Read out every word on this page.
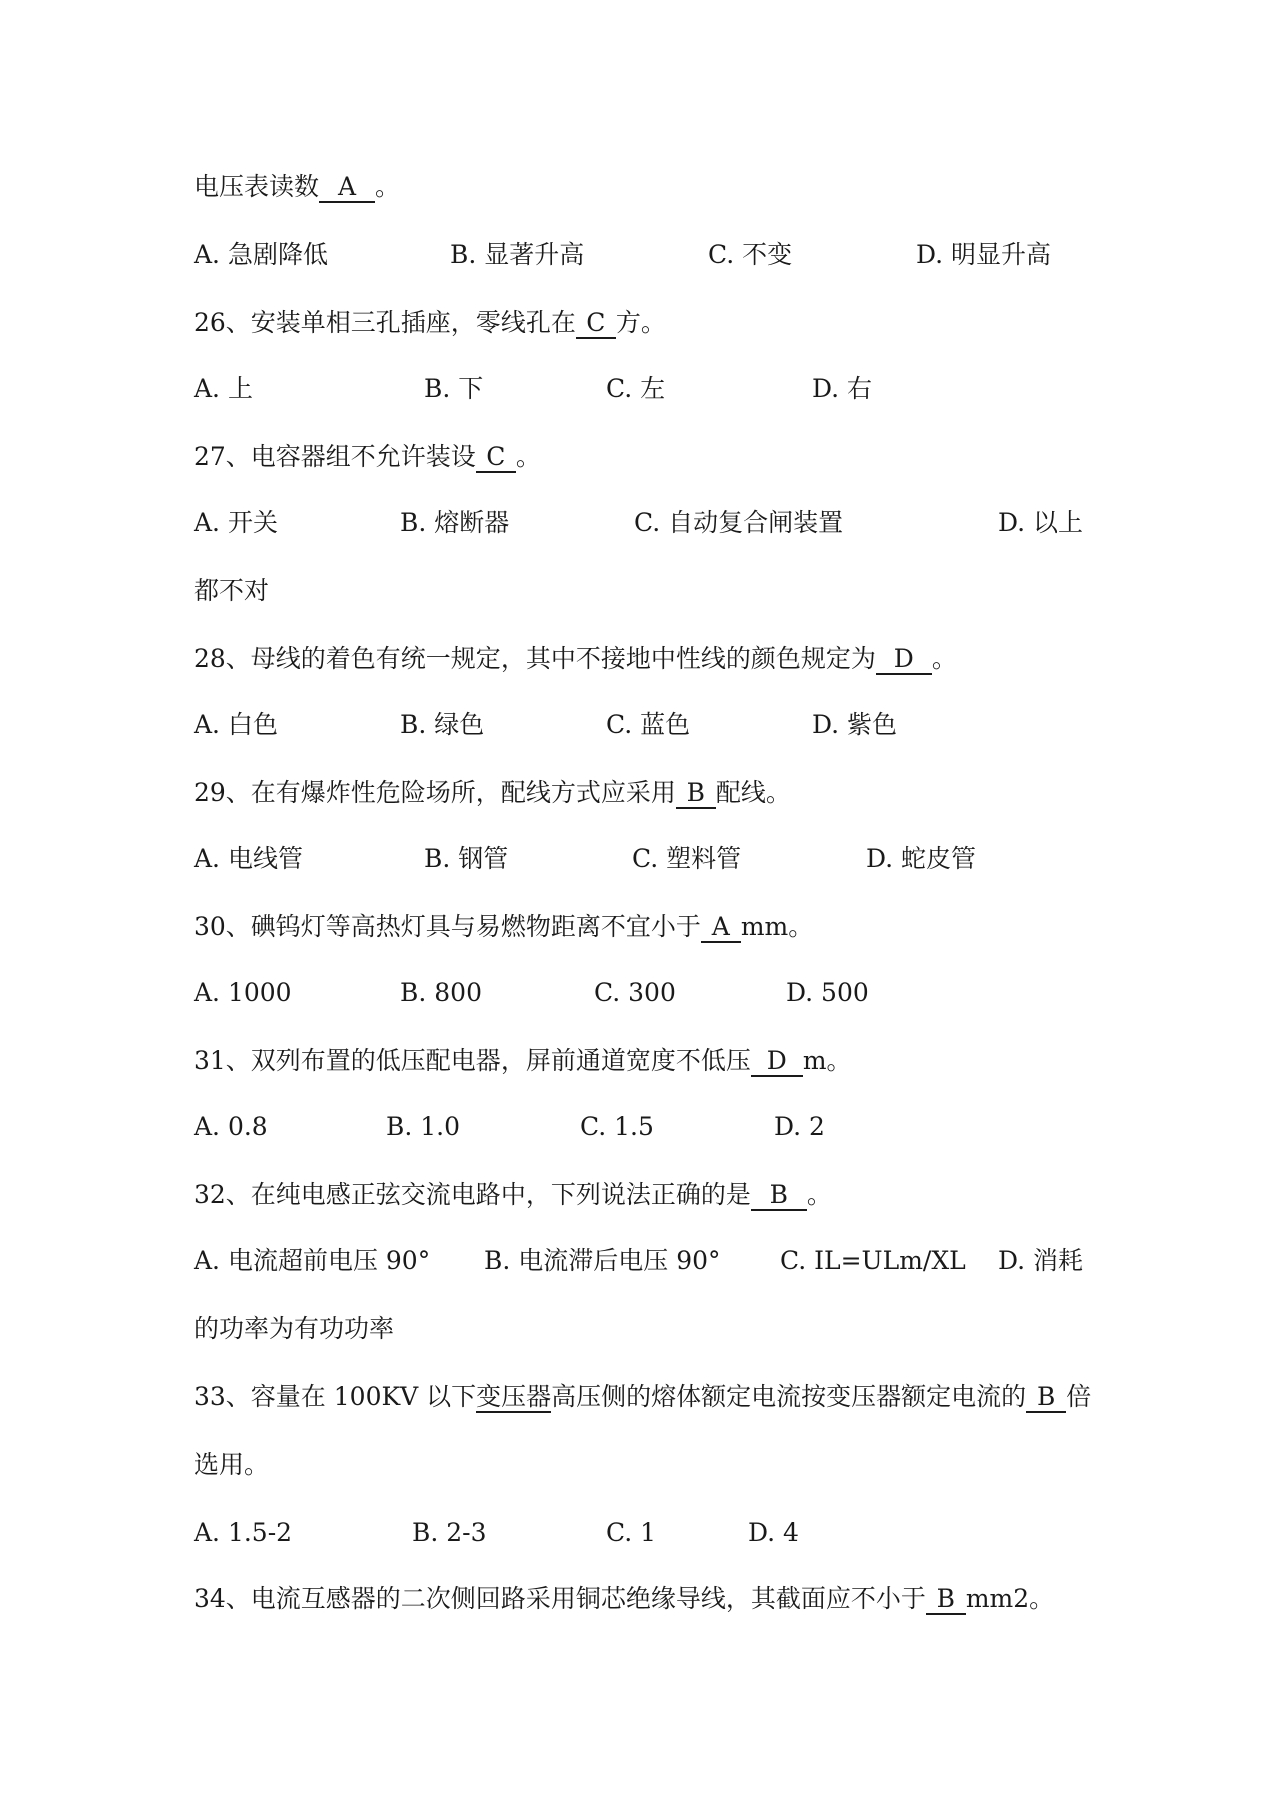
电压表读数 A 。
A. 急剧降低	B. 显著升高	C. 不变	D. 明显升高
26、安装单相三孔插座，零线孔在 C 方。
A. 上	B. 下	C. 左	D. 右
27、电容器组不允许装设 C 。
A. 开关	B. 熔断器	C. 自动复合闸装置	D. 以上
都不对
28、母线的着色有统一规定，其中不接地中性线的颜色规定为 D 。
A. 白色	B. 绿色	C. 蓝色	D. 紫色
29、在有爆炸性危险场所，配线方式应采用 B 配线。
A. 电线管	B. 钢管	C. 塑料管	D. 蛇皮管
30、碘钨灯等高热灯具与易燃物距离不宜小于 A mm。
A. 1000	B. 800	C. 300	D. 500
31、双列布置的低压配电器，屏前通道宽度不低压 D m。
A. 0.8	B. 1.0	C. 1.5	D. 2
32、在纯电感正弦交流电路中，下列说法正确的是 B 。
A. 电流超前电压 90° B. 电流滞后电压 90° C. IL=ULm/XL D. 消耗
的功率为有功功率
33、容量在 100KV 以下变压器高压侧的熔体额定电流按变压器额定电流的 B 倍
选用。
A. 1.5-2	B. 2-3	C. 1	D. 4
34、电流互感器的二次侧回路采用铜芯绝缘导线，其截面应不小于 B mm2。
